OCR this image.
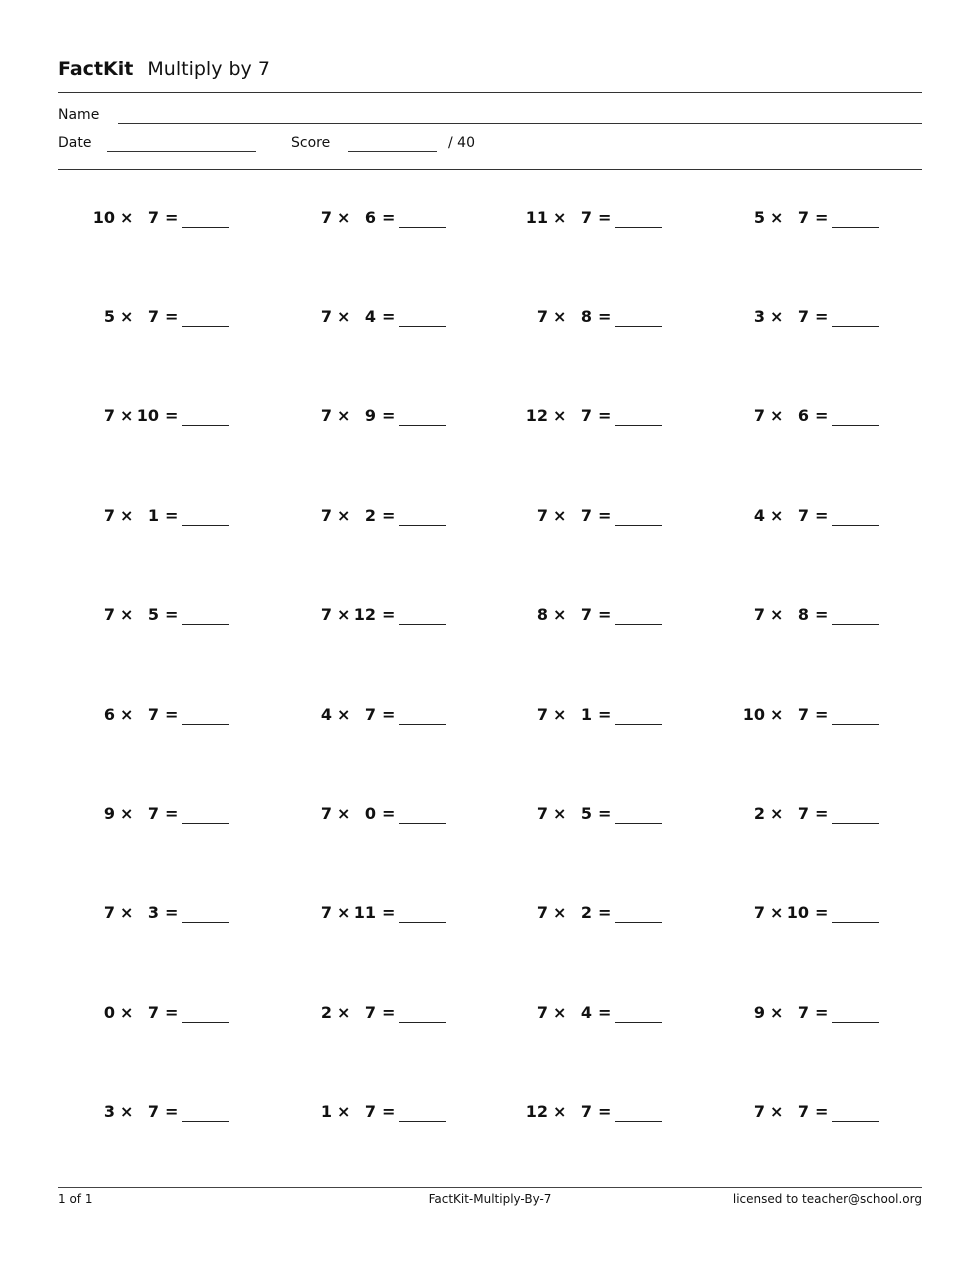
FactKit Multiply by 7
Name
Date	Score	/ 40
10 × 7 =	7 × 6 =	11 × 7 =	5 × 7 =
5 × 7 =	7 × 4 =	7 × 8 =	3 × 7 =
7 × 10 =	7 × 9 =	12 × 7 =	7 × 6 =
7 × 1 =	7 × 2 =	7 × 7 =	4 × 7 =
7 × 5 =	7 × 12 =	8 × 7 =	7 × 8 =
6 × 7 =	4 × 7 =	7 × 1 =	10 × 7 =
9 × 7 =	7 × 0 =	7 × 5 =	2 × 7 =
7 × 3 =	7 × 11 =	7 × 2 =	7 × 10 =
0 × 7 =	2 × 7 =	7 × 4 =	9 × 7 =
3 × 7 =	1 × 7 =	12 × 7 =	7 × 7 =
1 of 1	FactKit-Multiply-By-7	licensed to teacher@school.org
